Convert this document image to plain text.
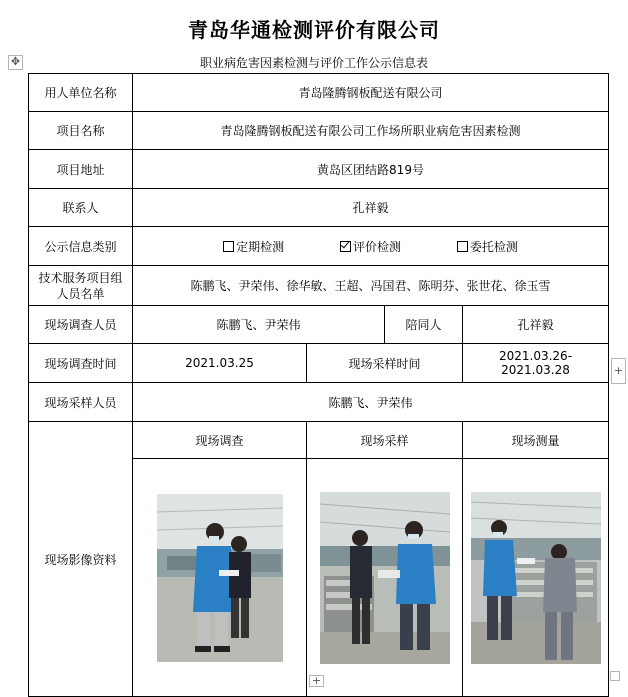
✥
+
+
青岛华通检测评价有限公司
职业病危害因素检测与评价工作公示信息表
用人单位名称	青岛隆腾钢板配送有限公司			
项目名称	青岛隆腾钢板配送有限公司工作场所职业病危害因素检测			
项目地址	黄岛区团结路819号			
联系人	孔祥毅			
公示信息类别	定期检测 评价检测 委托检测			
技术服务项目组人员名单	陈鹏飞、尹荣伟、徐华敏、王超、冯国君、陈明芬、张世花、徐玉雪			
现场调查人员	陈鹏飞、尹荣伟		陪同人	孔祥毅
现场调查时间	2021.03.25	现场采样时间		2021.03.26-2021.03.28
现场采样人员	陈鹏飞、尹荣伟			
现场影像资料	现场调查	现场采样		现场测量
